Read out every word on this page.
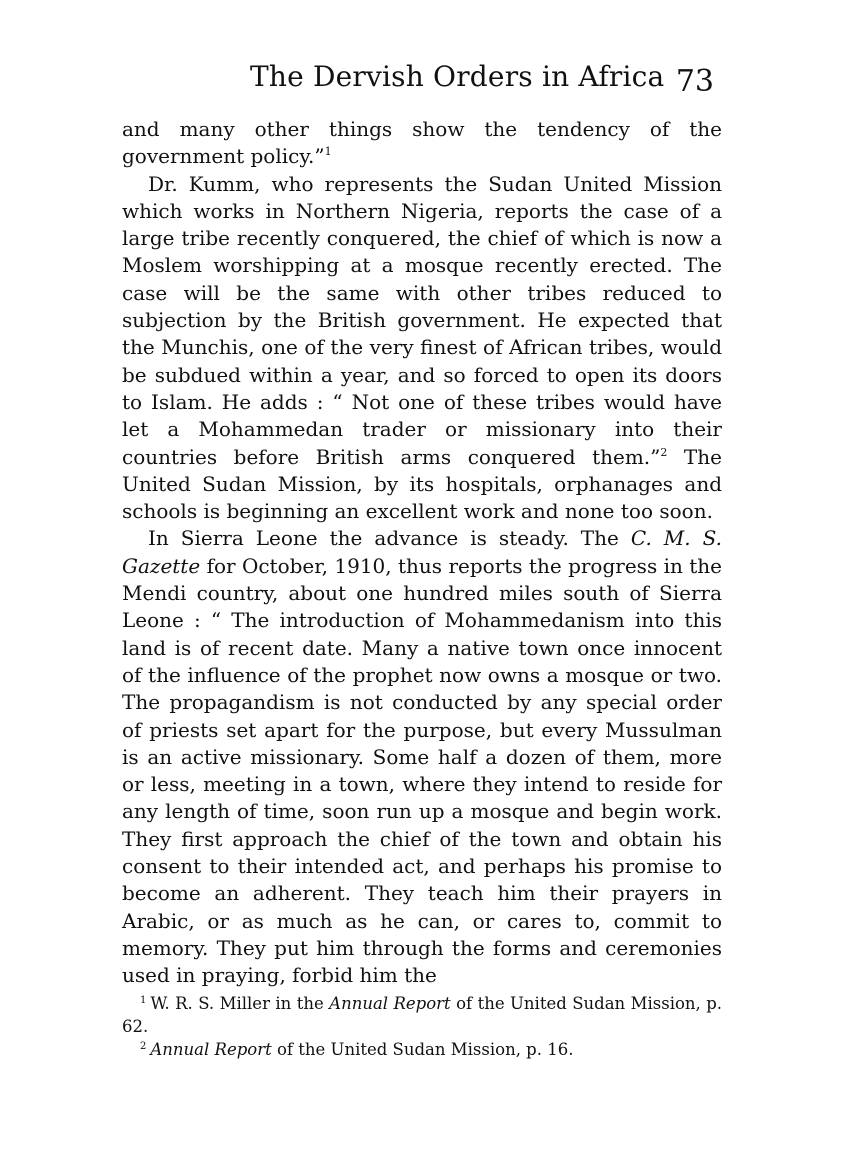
The Dervish Orders in Africa 73

and many other things show the tendency of the government policy.”$^1$

Dr. Kumm, who represents the Sudan United Mission which works in Northern Nigeria, reports the case of a large tribe recently conquered, the chief of which is now a Moslem worshipping at a mosque recently erected. The case will be the same with other tribes reduced to subjection by the British government. He expected that the Munchis, one of the very finest of African tribes, would be subdued within a year, and so forced to open its doors to Islam. He adds : “ Not one of these tribes would have let a Mohammedan trader or missionary into their countries before British arms conquered them.”$^2$ The United Sudan Mission, by its hospitals, orphanages and schools is beginning an excellent work and none too soon.

In Sierra Leone the advance is steady. The C. M. S. Gazette for October, 1910, thus reports the progress in the Mendi country, about one hundred miles south of Sierra Leone : “ The introduction of Mohammedanism into this land is of recent date. Many a native town once innocent of the influence of the prophet now owns a mosque or two. The propagandism is not conducted by any special order of priests set apart for the purpose, but every Mussulman is an active missionary. Some half a dozen of them, more or less, meeting in a town, where they intend to reside for any length of time, soon run up a mosque and begin work. They first approach the chief of the town and obtain his consent to their intended act, and perhaps his promise to become an adherent. They teach him their prayers in Arabic, or as much as he can, or cares to, commit to memory. They put him through the forms and ceremonies used in praying, forbid him the

$^1$ W. R. S. Miller in the Annual Report of the United Sudan Mission, p. 62.

$^2$ Annual Report of the United Sudan Mission, p. 16.
